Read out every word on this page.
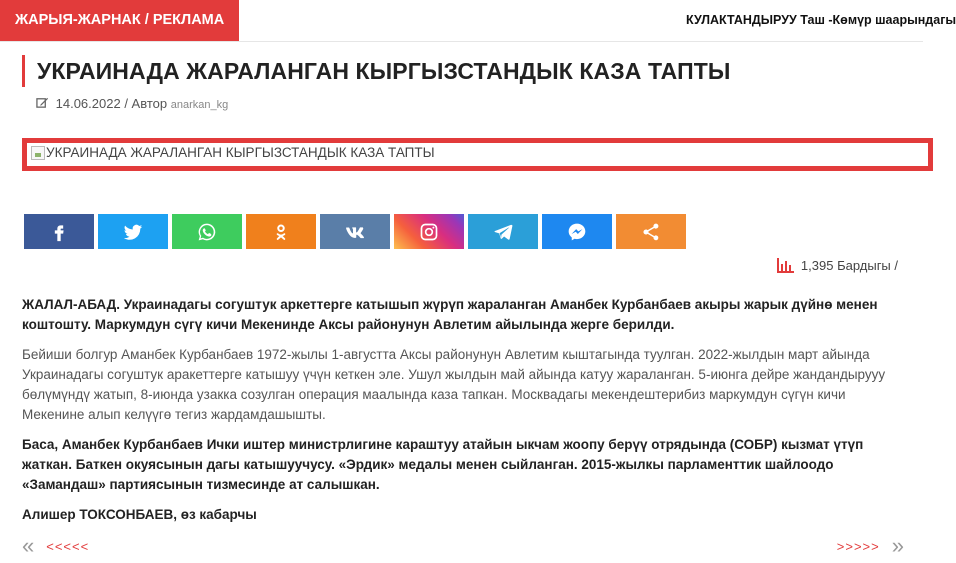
ЖАРЫЯ-ЖАРНАК / РЕКЛАМА	КУЛАКТАНДЫРУУ Таш -Көмүр шаарындагы
УКРАИНАДА ЖАРАЛАНГАН КЫРГЫЗСТАНДЫК КАЗА ТАПТЫ
14.06.2022 / Автор anarkan_kg
УКРАИНАДА ЖАРАЛАНГАН КЫРГЫЗСТАНДЫК КАЗА ТАПТЫ
1,395 Бардыгы /

ЖАЛАЛ-АБАД. Украинадагы согуштук аркеттерге катышып жүрүп жараланган Аманбек Курбанбаев акыры жарык дүйнө менен коштошту. Маркумдун сүгү кичи Мекенинде Аксы районунун Авлетим айылында жерге берилди.

Бейиши болгур Аманбек Курбанбаев 1972-жылы 1-августта Аксы районунун Авлетим кыштагында туулган. 2022-жылдын март айында Украинадагы согуштук аракеттерге катышуу үчүн кеткен эле. Ушул жылдын май айында катуу жараланган. 5-июнга дейре жандандырууу бөлүмүндү жатып, 8-июнда узакка созулган операция маалында каза тапкан. Москвадагы мекендештерибиз маркумдун сүгүн кичи Мекенине алып келүүгө тегиз жардамдашышты.

Баса, Аманбек Курбанбаев Ички иштер министрлигине караштуу атайын ыкчам жоопу берүү отрядында (СОБР) кызмат үтүп жаткан. Баткен окуясынын дагы катышуучусу. «Эрдик» медалы менен сыйланган. 2015-жылкы парламенттик шайлоодо «Замандаш» партиясынын тизмесинде ат салышкан.

Алишер ТОКСОНБАЕВ, өз кабарчы

« <<<<<	>>>>> »
